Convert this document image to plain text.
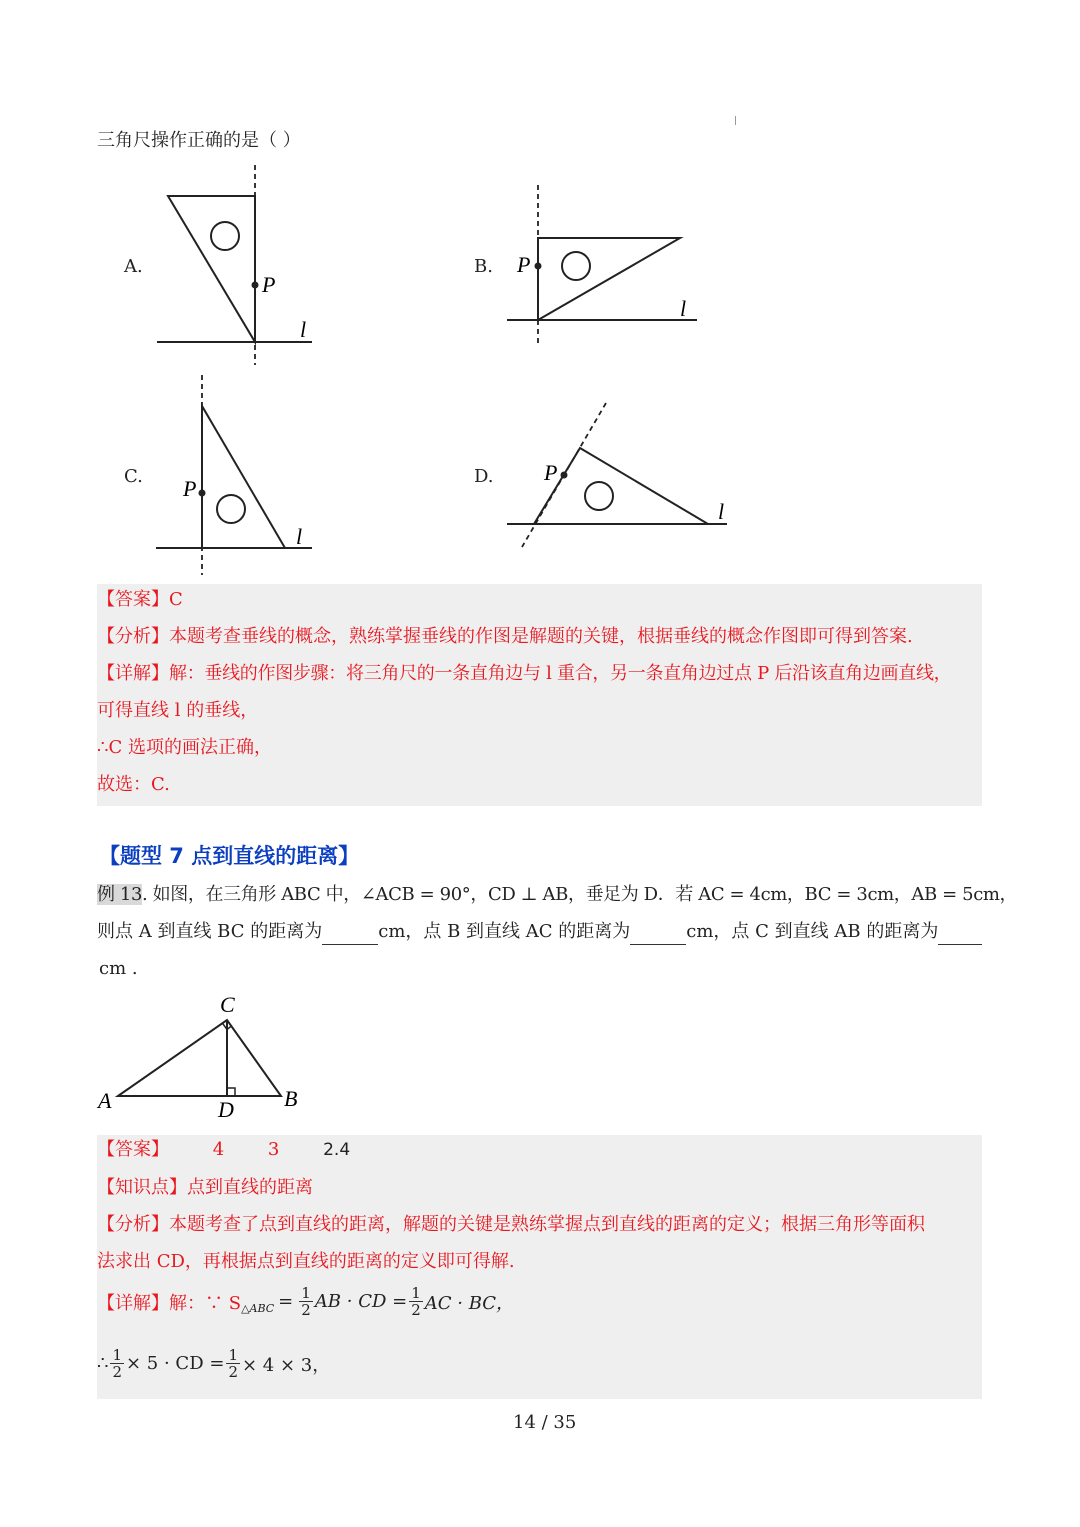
三角尺操作正确的是（ ）
A.	B.
C.	D.
P
l
P
l
P
l
P
l
【答案】C
【分析】本题考查垂线的概念，熟练掌握垂线的作图是解题的关键，根据垂线的概念作图即可得到答案.
【详解】解：垂线的作图步骤：将三角尺的一条直角边与 l 重合，另一条直角边过点 P 后沿该直角边画直线，
可得直线 l 的垂线，
∴C 选项的画法正确，
故选：C.
【题型 7 点到直线的距离】
例 13. 如图，在三角形 ABC 中，∠ACB = 90°，CD ⊥ AB，垂足为 D．若 AC = 4cm，BC = 3cm，AB = 5cm，
则点 A 到直线 BC 的距离为	cm，点 B 到直线 AC 的距离为	cm，点 C 到直线 AB 的距离为
cm .
A	B
C
D
【答案】 4 3	2.4
【知识点】点到直线的距离
【分析】本题考查了点到直线的距离，解题的关键是熟练掌握点到直线的距离的定义；根据三角形等面积
法求出 CD，再根据点到直线的距离的定义即可得解.
【详解】 解：∵ S △ABC = $\frac{1}{2}$ AB · CD = $\frac{1}{2}$ AC · BC，
∴ $\frac{1}{2} \times 5$ · CD = $\frac{1}{2} \times 4 \times 3$，
14 / 35
